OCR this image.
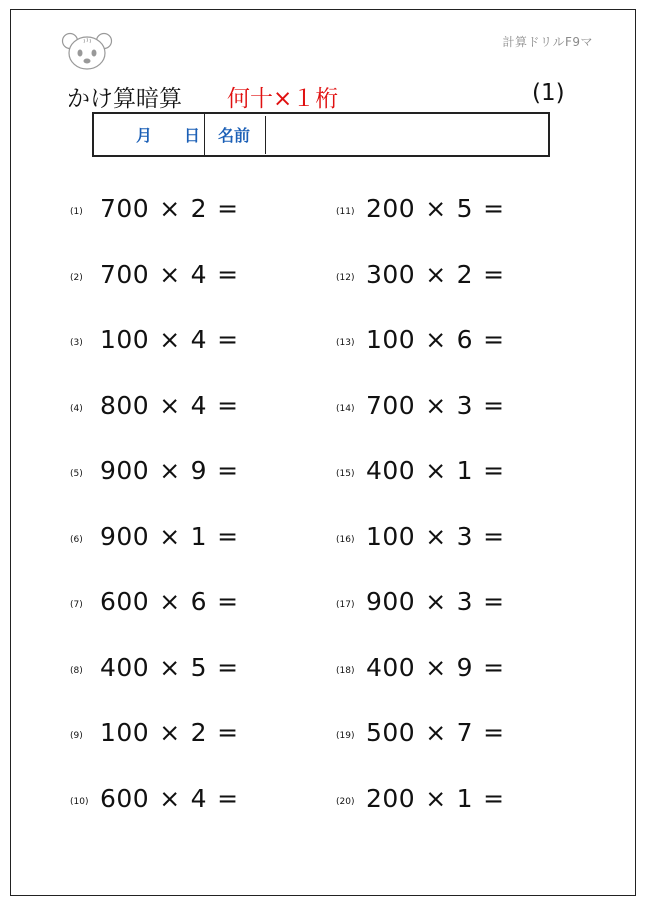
計算ドリルF9マ
かけ算暗算 何十×１桁	(1)
月 日 名前
(1) 700 × 2 =
(2) 700 × 4 =
(3) 100 × 4 =
(4) 800 × 4 =
(5) 900 × 9 =
(6) 900 × 1 =
(7) 600 × 6 =
(8) 400 × 5 =
(9) 100 × 2 =
(10) 600 × 4 =
(11) 200 × 5 =
(12) 300 × 2 =
(13) 100 × 6 =
(14) 700 × 3 =
(15) 400 × 1 =
(16) 100 × 3 =
(17) 900 × 3 =
(18) 400 × 9 =
(19) 500 × 7 =
(20) 200 × 1 =
